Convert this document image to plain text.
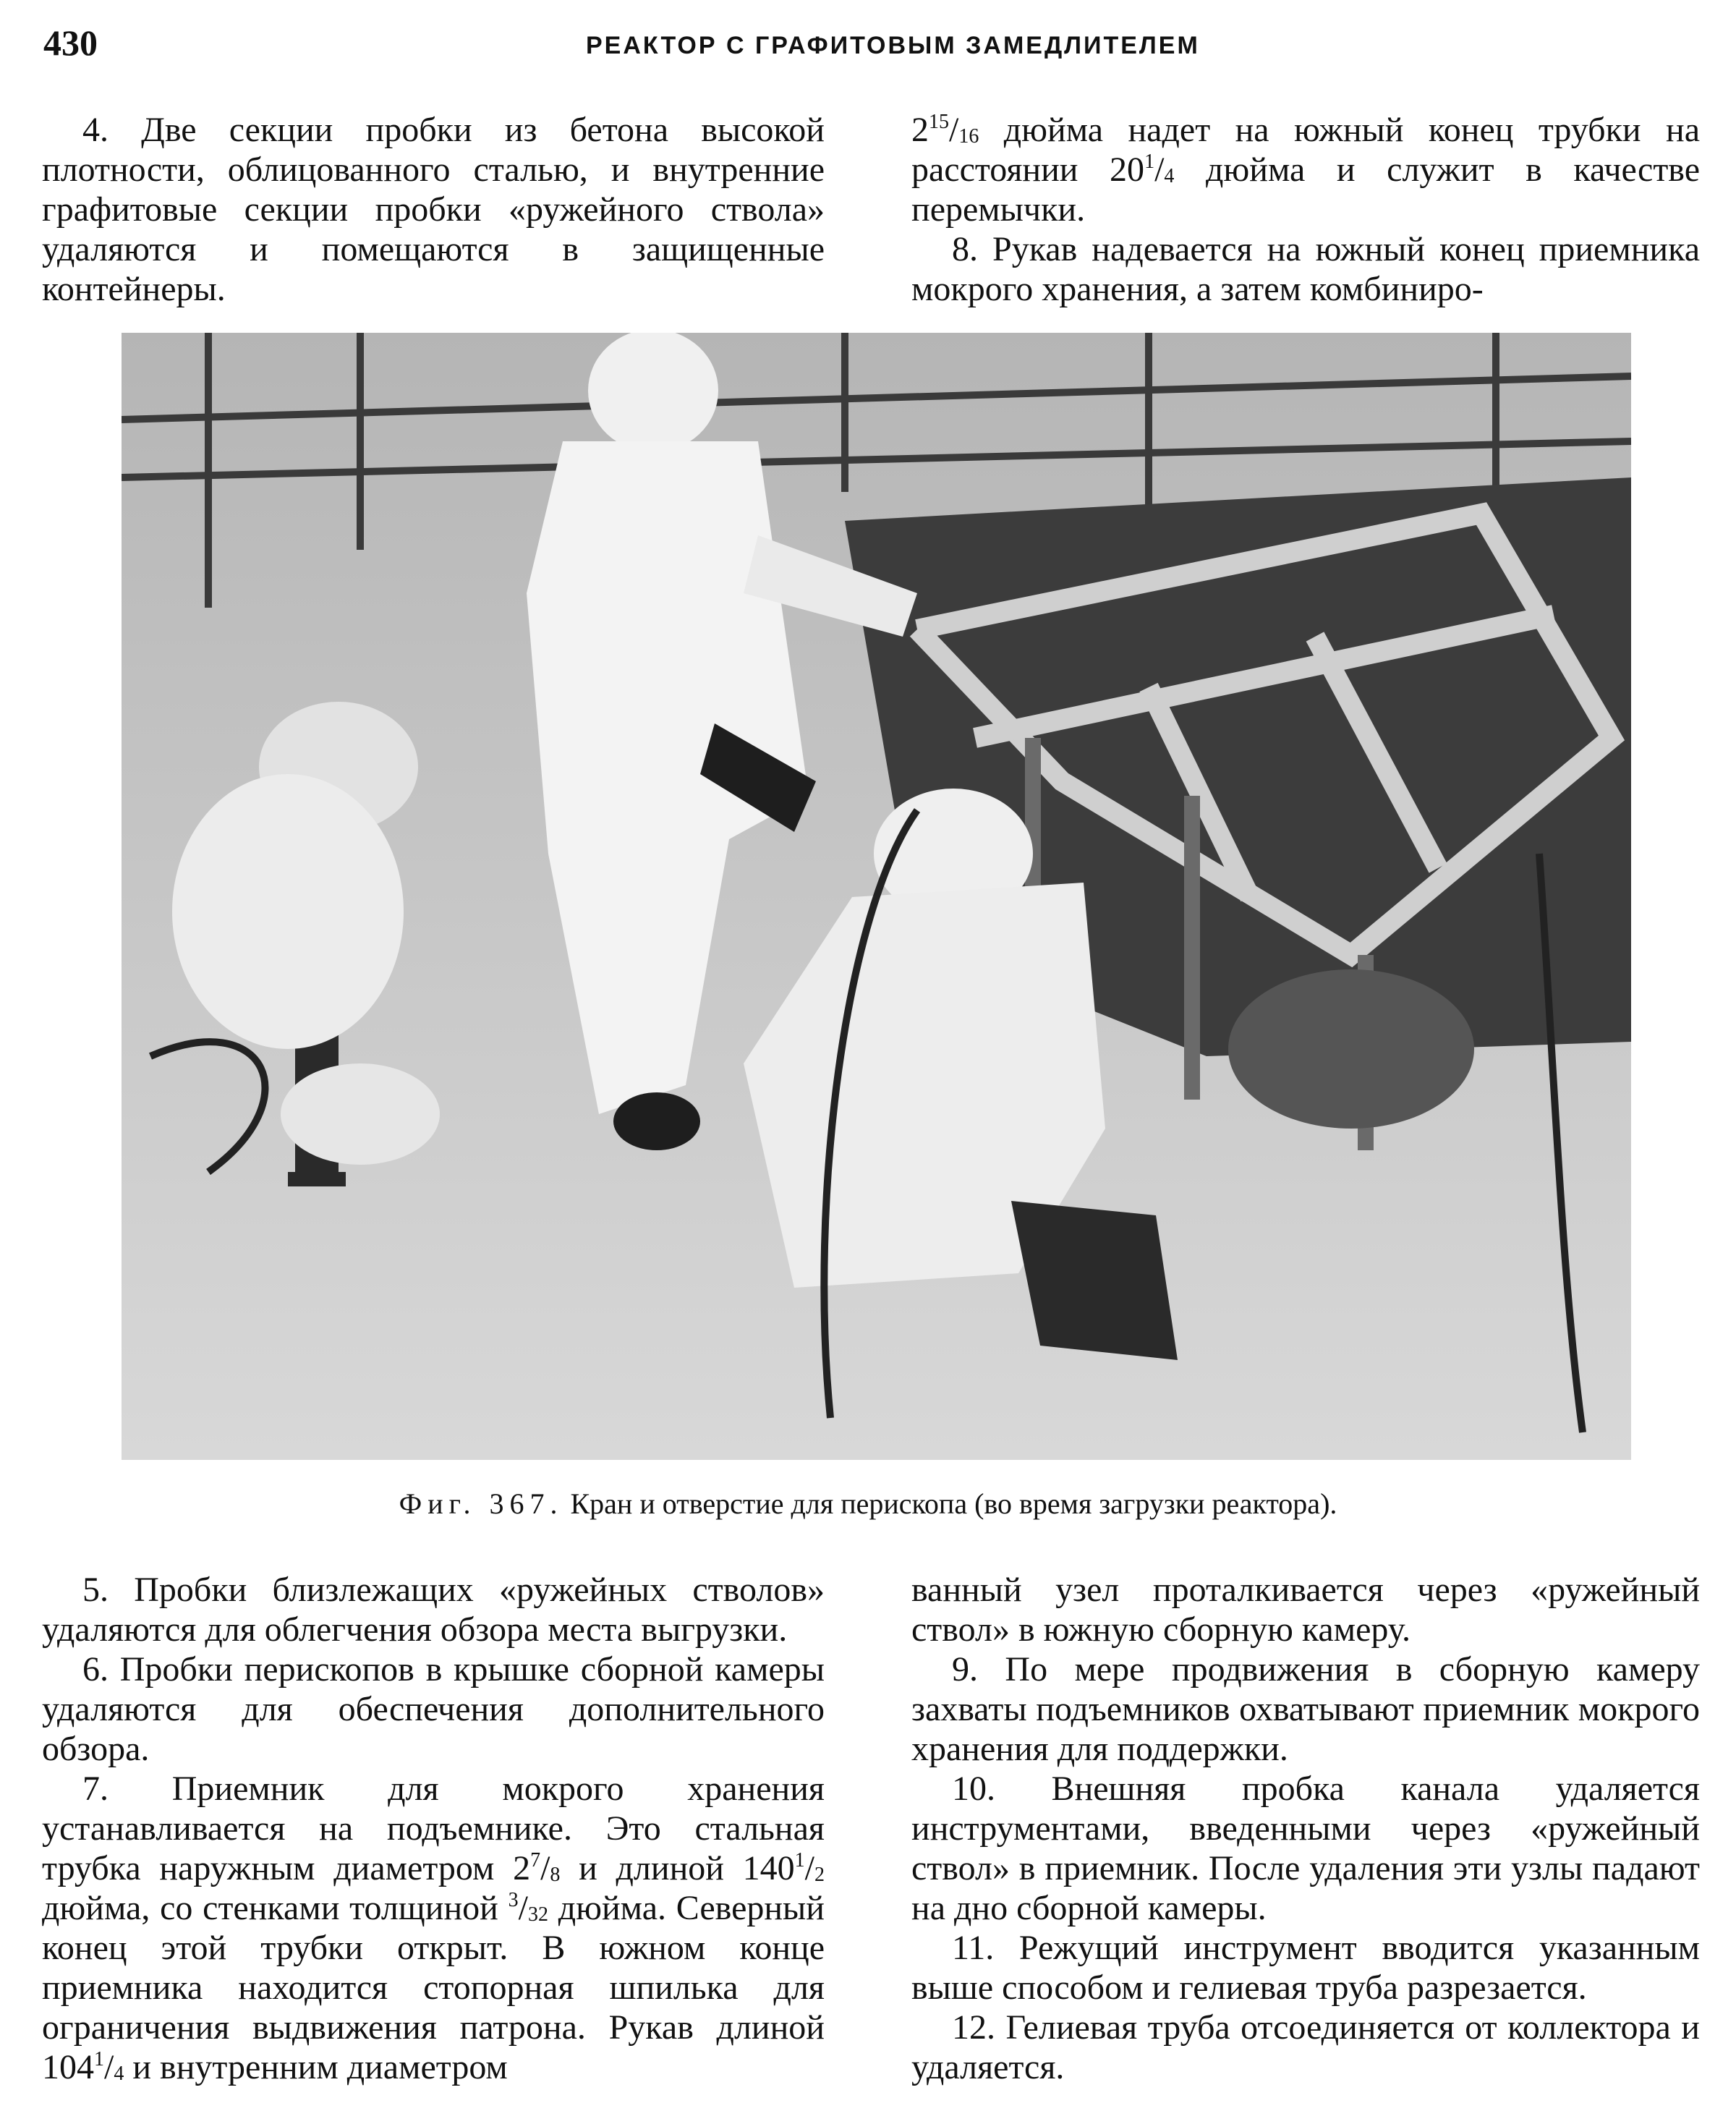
430	РЕАКТОР С ГРАФИТОВЫМ ЗАМЕДЛИТЕЛЕМ

4. Две секции пробки из бетона высокой плотности, облицованного сталью, и внутренние графитовые секции пробки «ружейного ствола» удаляются и помещаются в защищенные контейнеры.

$2^{15}/_{16}$ дюйма надет на южный конец трубки на расстоянии $20^1/_4$ дюйма и служит в качестве перемычки.

8. Рукав надевается на южный конец приемника мокрого хранения, а затем комбиниро-

Фиг. 367. Кран и отверстие для перископа (во время загрузки реактора).

5. Пробки близлежащих «ружейных стволов» удаляются для облегчения обзора места выгрузки.

6. Пробки перископов в крышке сборной камеры удаляются для обеспечения дополнительного обзора.

7. Приемник для мокрого хранения устанавливается на подъемнике. Это стальная трубка наружным диаметром $2^7/_8$ и длиной $140^1/_2$ дюйма, со стенками толщиной $^3/_{32}$ дюйма. Северный конец этой трубки открыт. В южном конце приемника находится стопорная шпилька для ограничения выдвижения патрона. Рукав длиной $104^1/_4$ и внутренним диаметром

ванный узел проталкивается через «ружейный ствол» в южную сборную камеру.

9. По мере продвижения в сборную камеру захваты подъемников охватывают приемник мокрого хранения для поддержки.

10. Внешняя пробка канала удаляется инструментами, введенными через «ружейный ствол» в приемник. После удаления эти узлы падают на дно сборной камеры.

11. Режущий инструмент вводится указанным выше способом и гелиевая труба разрезается.

12. Гелиевая труба отсоединяется от коллектора и удаляется.
